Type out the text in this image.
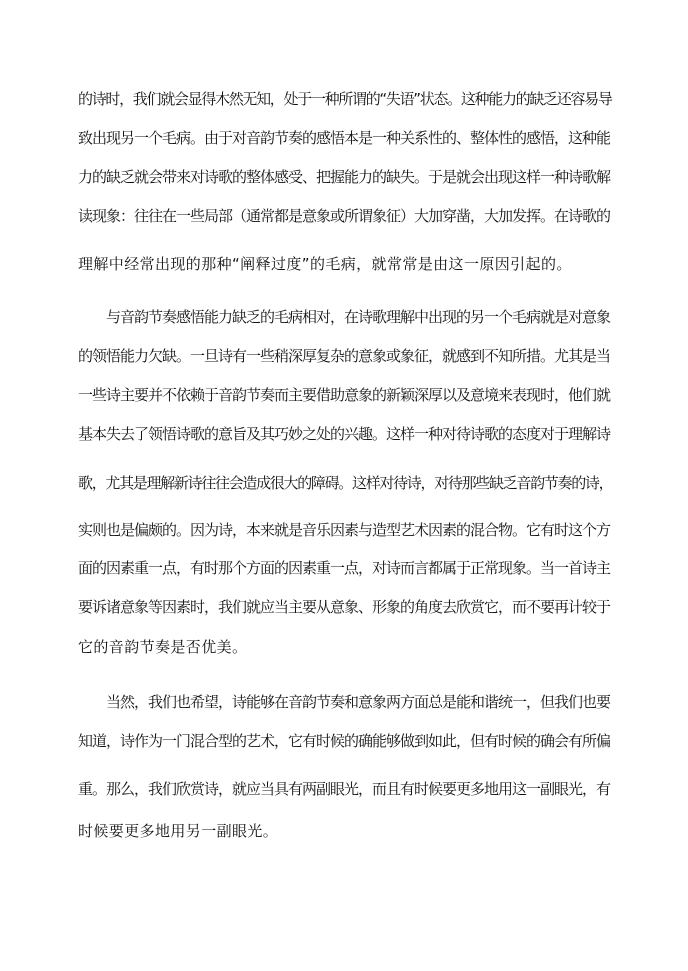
的诗时，我们就会显得木然无知，处于一种所谓的“失语”状态。这种能力的缺乏还容易导

致出现另一个毛病。由于对音韵节奏的感悟本是一种关系性的、整体性的感悟，这种能

力的缺乏就会带来对诗歌的整体感受、把握能力的缺失。于是就会出现这样一种诗歌解

读现象：往往在一些局部（通常都是意象或所谓象征）大加穿凿，大加发挥。在诗歌的

理解中经常出现的那种“阐释过度”的毛病，就常常是由这一原因引起的。

与音韵节奏感悟能力缺乏的毛病相对，在诗歌理解中出现的另一个毛病就是对意象

的领悟能力欠缺。一旦诗有一些稍深厚复杂的意象或象征，就感到不知所措。尤其是当

一些诗主要并不依赖于音韵节奏而主要借助意象的新颖深厚以及意境来表现时，他们就

基本失去了领悟诗歌的意旨及其巧妙之处的兴趣。这样一种对待诗歌的态度对于理解诗

歌，尤其是理解新诗往往会造成很大的障碍。这样对待诗，对待那些缺乏音韵节奏的诗，

实则也是偏颇的。因为诗，本来就是音乐因素与造型艺术因素的混合物。它有时这个方

面的因素重一点，有时那个方面的因素重一点，对诗而言都属于正常现象。当一首诗主

要诉诸意象等因素时，我们就应当主要从意象、形象的角度去欣赏它，而不要再计较于

它的音韵节奏是否优美。

当然，我们也希望，诗能够在音韵节奏和意象两方面总是能和谐统一，但我们也要

知道，诗作为一门混合型的艺术，它有时候的确能够做到如此，但有时候的确会有所偏

重。那么，我们欣赏诗，就应当具有两副眼光，而且有时候要更多地用这一副眼光，有

时候要更多地用另一副眼光。
